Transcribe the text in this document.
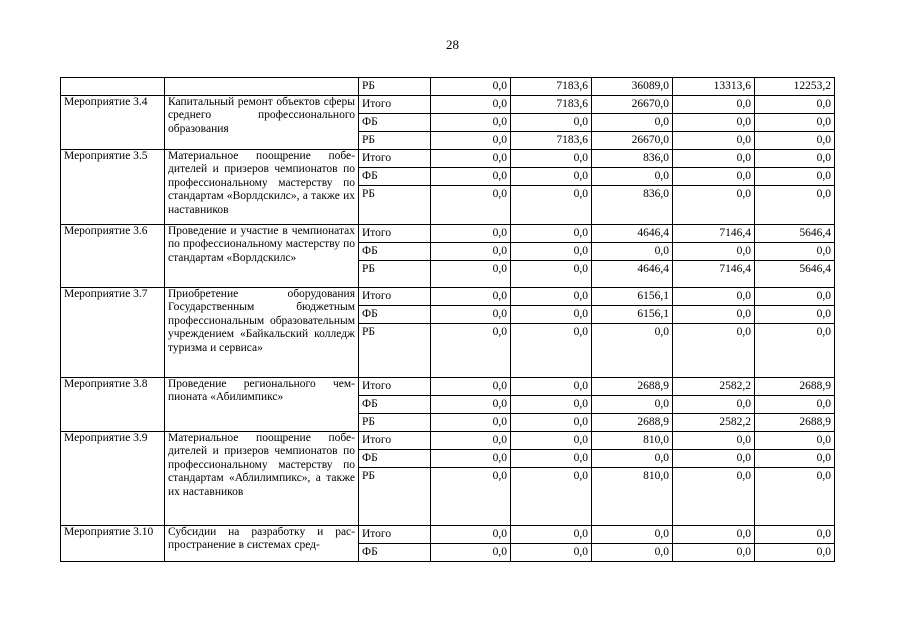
28
		РБ	0,0	7183,6	36089,0	13313,6	12253,2
Мероприятие 3.4	Капитальный ремонт объектов сферы среднего профессионального образования	Итого	0,0	7183,6	26670,0	0,0	0,0
		ФБ	0,0	0,0	0,0	0,0	0,0
		РБ	0,0	7183,6	26670,0	0,0	0,0
Мероприятие 3.5	Материальное поощрение победителей и призеров чемпионатов по профессиональному мастерству по стандартам «Ворлдскилс», а также их наставников	Итого	0,0	0,0	836,0	0,0	0,0
		ФБ	0,0	0,0	0,0	0,0	0,0
		РБ	0,0	0,0	836,0	0,0	0,0
Мероприятие 3.6	Проведение и участие в чемпионатах по профессиональному мастерству по стандартам «Ворлдскилс»	Итого	0,0	0,0	4646,4	7146,4	5646,4
		ФБ	0,0	0,0	0,0	0,0	0,0
		РБ	0,0	0,0	4646,4	7146,4	5646,4
Мероприятие 3.7	Приобретение оборудования Государственным бюджетным профессиональным образовательным учреждением «Байкальский колледж туризма и сервиса»	Итого	0,0	0,0	6156,1	0,0	0,0
		ФБ	0,0	0,0	6156,1	0,0	0,0
		РБ	0,0	0,0	0,0	0,0	0,0
Мероприятие 3.8	Проведение регионального чемпионата «Абилимпикс»	Итого	0,0	0,0	2688,9	2582,2	2688,9
		ФБ	0,0	0,0	0,0	0,0	0,0
		РБ	0,0	0,0	2688,9	2582,2	2688,9
Мероприятие 3.9	Материальное поощрение победителей и призеров чемпионатов по профессиональному мастерству по стандартам «Аблилимпикс», а также их наставников	Итого	0,0	0,0	810,0	0,0	0,0
		ФБ	0,0	0,0	0,0	0,0	0,0
		РБ	0,0	0,0	810,0	0,0	0,0
Мероприятие 3.10	Субсидии на разработку и распространение в системах сред-	Итого	0,0	0,0	0,0	0,0	0,0
		ФБ	0,0	0,0	0,0	0,0	0,0
